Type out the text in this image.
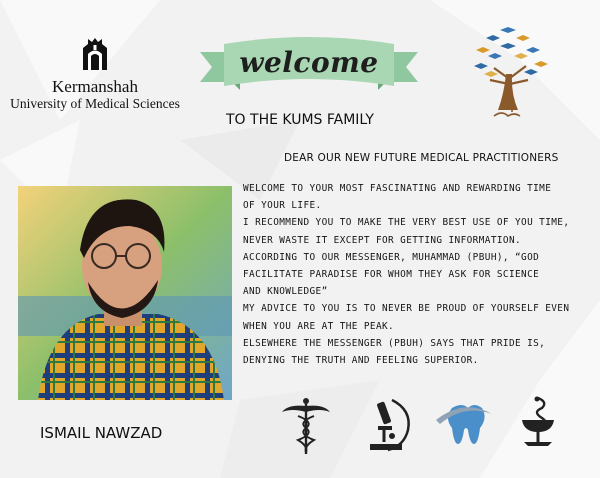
Kermanshah
University of Medical Sciences
welcome
TO THE KUMS FAMILY
DEAR OUR NEW FUTURE MEDICAL PRACTITIONERS
WELCOME TO YOUR MOST FASCINATING AND REWARDING TIME
OF YOUR LIFE.
I RECOMMEND YOU TO MAKE THE VERY BEST USE OF YOU TIME,
NEVER WASTE IT EXCEPT FOR GETTING INFORMATION.
ACCORDING TO OUR MESSENGER, MUHAMMAD (PBUH), “GOD
FACILITATE PARADISE FOR WHOM THEY ASK FOR SCIENCE
AND KNOWLEDGE”
MY ADVICE TO YOU IS TO NEVER BE PROUD OF YOURSELF EVEN
WHEN YOU ARE AT THE PEAK.
ELSEWHERE THE MESSENGER (PBUH) SAYS THAT PRIDE IS,
DENYING THE TRUTH AND FEELING SUPERIOR.
ISMAIL NAWZAD
